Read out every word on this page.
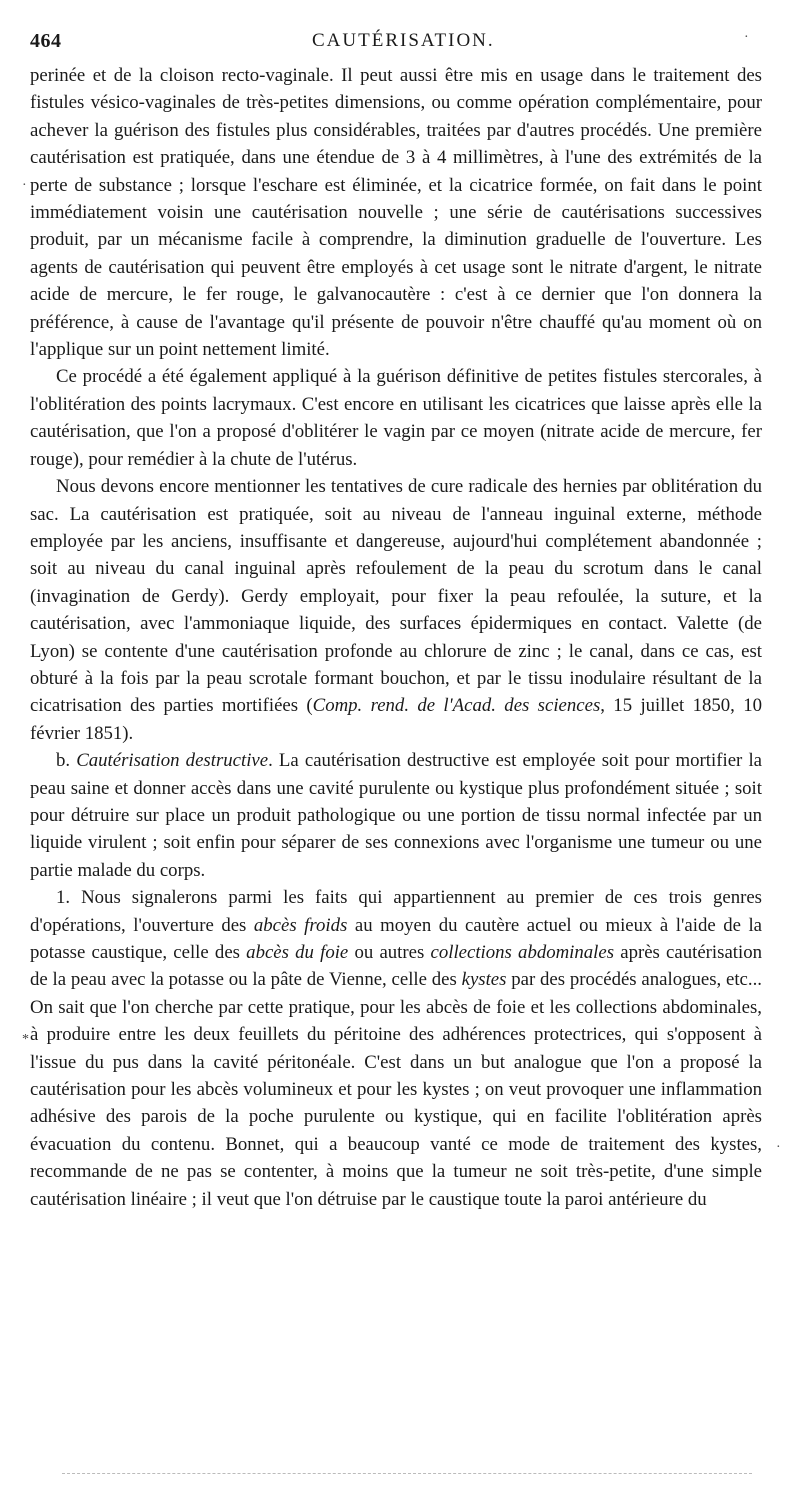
464	CAUTÉRISATION.	·
·
*
·

perinée et de la cloison recto-vaginale. Il peut aussi être mis en usage dans le traitement des fistules vésico-vaginales de très-petites dimensions, ou comme opération complémentaire, pour achever la guérison des fistules plus considérables, traitées par d'autres procédés. Une première cautérisation est pratiquée, dans une étendue de 3 à 4 millimètres, à l'une des extrémités de la perte de substance ; lorsque l'eschare est éliminée, et la cicatrice formée, on fait dans le point immédiatement voisin une cautérisation nouvelle ; une série de cautérisations successives produit, par un mécanisme facile à comprendre, la diminution graduelle de l'ouverture. Les agents de cautérisation qui peuvent être employés à cet usage sont le nitrate d'argent, le nitrate acide de mercure, le fer rouge, le galvanocautère : c'est à ce dernier que l'on donnera la préférence, à cause de l'avantage qu'il présente de pouvoir n'être chauffé qu'au moment où on l'applique sur un point nettement limité.

Ce procédé a été également appliqué à la guérison définitive de petites fistules stercorales, à l'oblitération des points lacrymaux. C'est encore en utilisant les cicatrices que laisse après elle la cautérisation, que l'on a proposé d'oblitérer le vagin par ce moyen (nitrate acide de mercure, fer rouge), pour remédier à la chute de l'utérus.

Nous devons encore mentionner les tentatives de cure radicale des hernies par oblitération du sac. La cautérisation est pratiquée, soit au niveau de l'anneau inguinal externe, méthode employée par les anciens, insuffisante et dangereuse, aujourd'hui complétement abandonnée ; soit au niveau du canal inguinal après refoulement de la peau du scrotum dans le canal (invagination de Gerdy). Gerdy employait, pour fixer la peau refoulée, la suture, et la cautérisation, avec l'ammoniaque liquide, des surfaces épidermiques en contact. Valette (de Lyon) se contente d'une cautérisation profonde au chlorure de zinc ; le canal, dans ce cas, est obturé à la fois par la peau scrotale formant bouchon, et par le tissu inodulaire résultant de la cicatrisation des parties mortifiées (Comp. rend. de l'Acad. des sciences, 15 juillet 1850, 10 février 1851).

b. Cautérisation destructive. La cautérisation destructive est employée soit pour mortifier la peau saine et donner accès dans une cavité purulente ou kystique plus profondément située ; soit pour détruire sur place un produit pathologique ou une portion de tissu normal infectée par un liquide virulent ; soit enfin pour séparer de ses connexions avec l'organisme une tumeur ou une partie malade du corps.

1. Nous signalerons parmi les faits qui appartiennent au premier de ces trois genres d'opérations, l'ouverture des abcès froids au moyen du cautère actuel ou mieux à l'aide de la potasse caustique, celle des abcès du foie ou autres collections abdominales après cautérisation de la peau avec la potasse ou la pâte de Vienne, celle des kystes par des procédés analogues, etc... On sait que l'on cherche par cette pratique, pour les abcès de foie et les collections abdominales, à produire entre les deux feuillets du péritoine des adhérences protectrices, qui s'opposent à l'issue du pus dans la cavité péritonéale. C'est dans un but analogue que l'on a proposé la cautérisation pour les abcès volumineux et pour les kystes ; on veut provoquer une inflammation adhésive des parois de la poche purulente ou kystique, qui en facilite l'oblitération après évacuation du contenu. Bonnet, qui a beaucoup vanté ce mode de traitement des kystes, recommande de ne pas se contenter, à moins que la tumeur ne soit très-petite, d'une simple cautérisation linéaire ; il veut que l'on détruise par le caustique toute la paroi antérieure du
